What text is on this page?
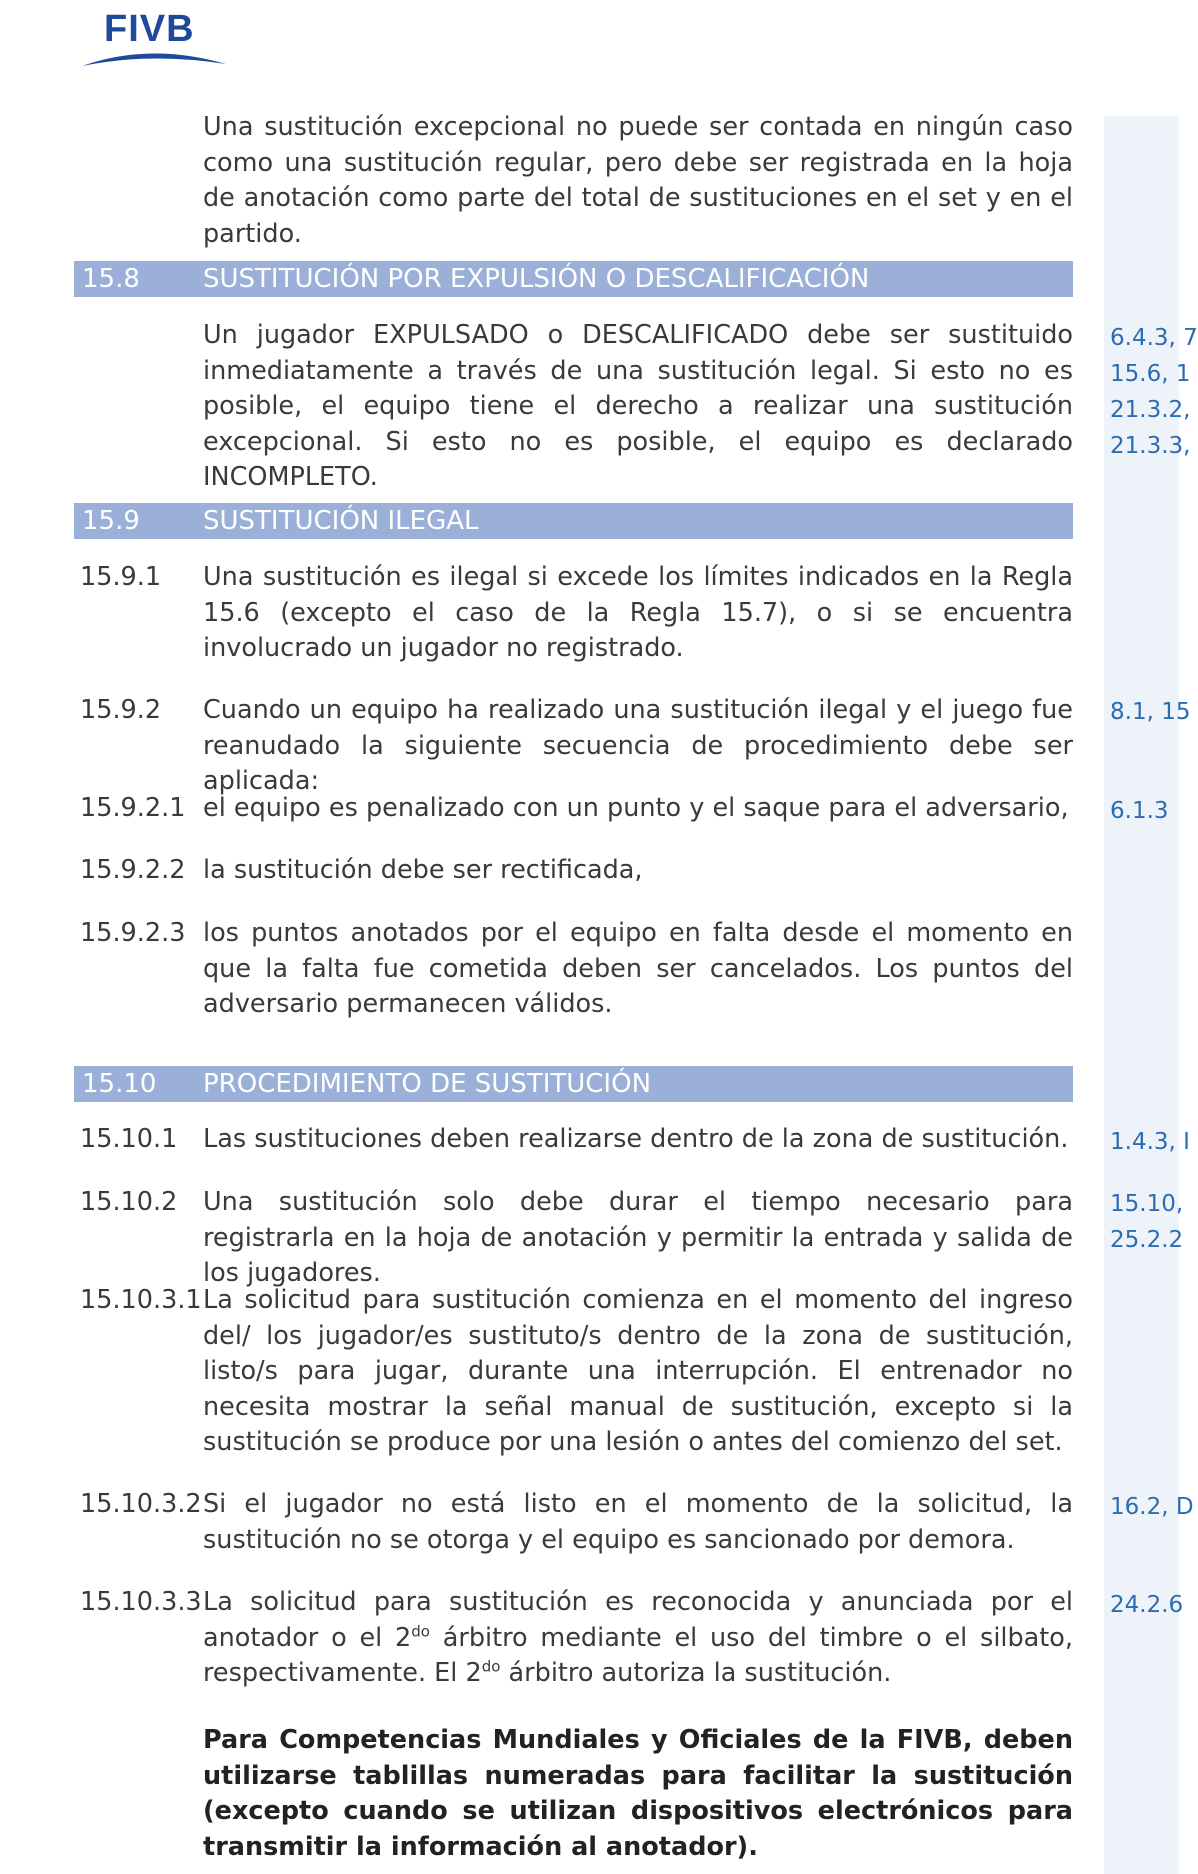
FIVB
Una sustitución excepcional no puede ser contada en ningún caso como una sustitución regular, pero debe ser registrada en la hoja de anotación como parte del total de sustituciones en el set y en el partido.
15.8 SUSTITUCIÓN POR EXPULSIÓN O DESCALIFICACIÓN
Un jugador EXPULSADO o DESCALIFICADO debe ser sustituido inmediatamente a través de una sustitución legal. Si esto no es posible, el equipo tiene el derecho a realizar una sustitución excepcional. Si esto no es posible, el equipo es declarado INCOMPLETO.
6.4.3, 7
15.6, 1
21.3.2,
21.3.3,
15.9 SUSTITUCIÓN ILEGAL
15.9.1 Una sustitución es ilegal si excede los límites indicados en la Regla 15.6 (excepto el caso de la Regla 15.7), o si se encuentra involucrado un jugador no registrado.
15.9.2 Cuando un equipo ha realizado una sustitución ilegal y el juego fue reanudado la siguiente secuencia de procedimiento debe ser aplicada:
8.1, 15
15.9.2.1 el equipo es penalizado con un punto y el saque para el adversario, 6.1.3
15.9.2.2 la sustitución debe ser rectificada,
15.9.2.3 los puntos anotados por el equipo en falta desde el momento en que la falta fue cometida deben ser cancelados. Los puntos del adversario permanecen válidos.
15.10 PROCEDIMIENTO DE SUSTITUCIÓN
15.10.1 Las sustituciones deben realizarse dentro de la zona de sustitución. 1.4.3, I
15.10.2 Una sustitución solo debe durar el tiempo necesario para registrarla en la hoja de anotación y permitir la entrada y salida de los jugadores.
15.10,
25.2.2
15.10.3.1 La solicitud para sustitución comienza en el momento del ingreso del/ los jugador/es sustituto/s dentro de la zona de sustitución, listo/s para jugar, durante una interrupción. El entrenador no necesita mostrar la señal manual de sustitución, excepto si la sustitución se produce por una lesión o antes del comienzo del set.
15.10.3.2 Si el jugador no está listo en el momento de la solicitud, la sustitución no se otorga y el equipo es sancionado por demora.
16.2, D
15.10.3.3 La solicitud para sustitución es reconocida y anunciada por el anotador o el $2^{do}$ árbitro mediante el uso del timbre o el silbato, respectivamente. El $2^{do}$ árbitro autoriza la sustitución.
24.2.6
Para Competencias Mundiales y Oficiales de la FIVB, deben utilizarse tablillas numeradas para facilitar la sustitución (excepto cuando se utilizan dispositivos electrónicos para transmitir la información al anotador).
